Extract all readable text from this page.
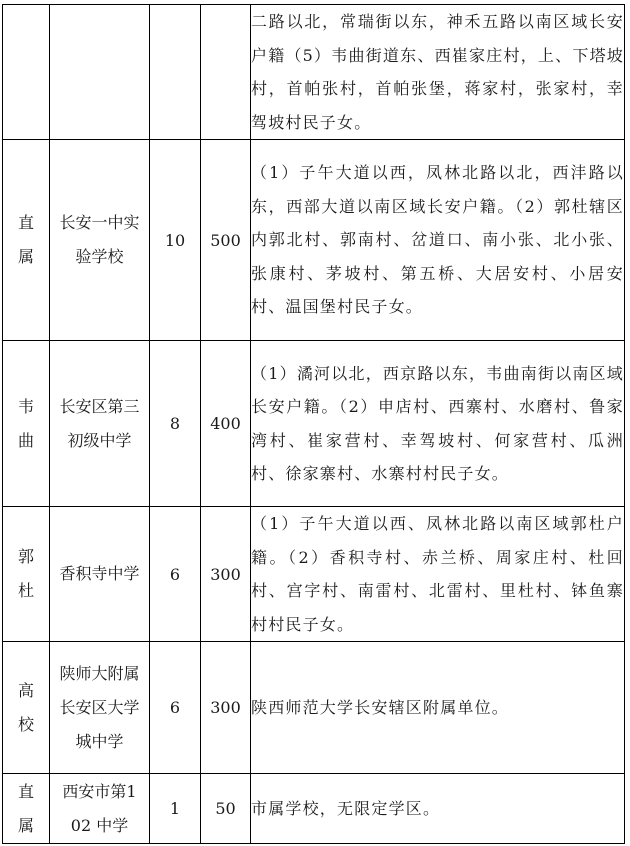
				二路以北，常瑞街以东，神禾五路以南区域长安户籍（5）韦曲街道东、西崔家庄村，上、下塔坡村，首帕张村，首帕张堡，蒋家村，张家村，幸驾坡村民子女。
直属	长安一中实验学校	10	500	（1）子午大道以西，凤林北路以北，西沣路以东，西部大道以南区域长安户籍。（2）郭杜辖区内郭北村、郭南村、岔道口、南小张、北小张、张康村、茅坡村、第五桥、大居安村、小居安村、温国堡村民子女。
韦曲	长安区第三初级中学	8	400	（1）潏河以北，西京路以东，韦曲南街以南区域长安户籍。（2）申店村、西寨村、水磨村、鲁家湾村、崔家营村、幸驾坡村、何家营村、瓜洲村、徐家寨村、水寨村村民子女。
郭杜	香积寺中学	6	300	（1）子午大道以西、凤林北路以南区域郭杜户籍。（2）香积寺村、赤兰桥、周家庄村、杜回村、宫字村、南雷村、北雷村、里杜村、钵鱼寨村村民子女。
高校	陕师大附属长安区大学城中学	6	300	陕西师范大学长安辖区附属单位。
直属	西安市第102 中学	1	50	市属学校，无限定学区。
